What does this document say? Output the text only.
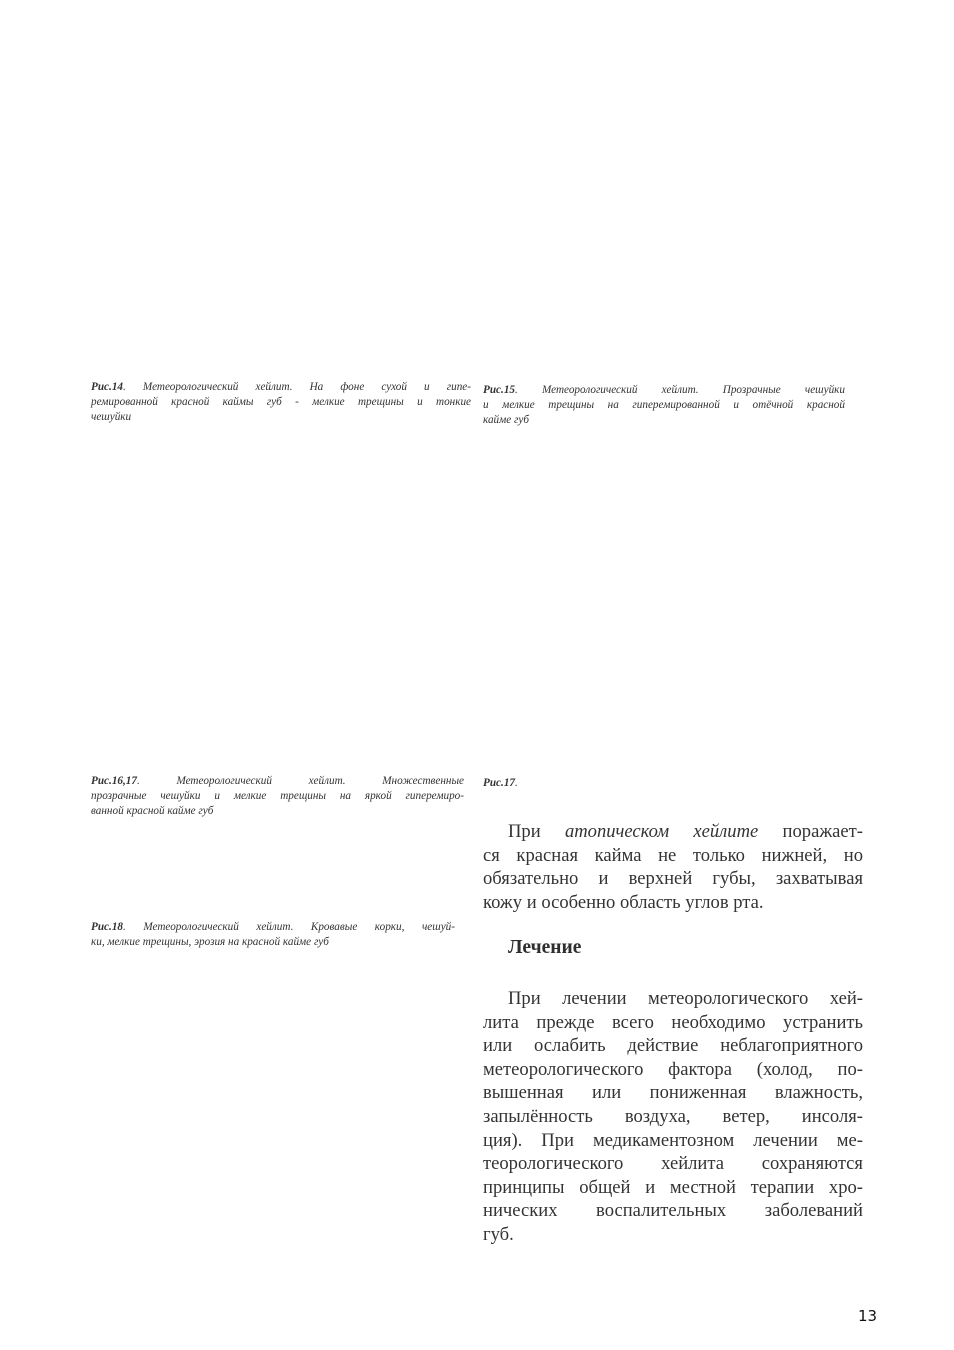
Рис.14. Метеорологический хейлит. На фоне сухой и гипе-
ремированной красной каймы губ - мелкие трещины и тонкие
чешуйки
Рис.15. Метеорологический хейлит. Прозрачные чешуйки
и мелкие трещины на гиперемированной и отёчной красной
кайме губ
Рис.16,17. Метеорологический хейлит. Множественные
прозрачные чешуйки и мелкие трещины на яркой гиперемиро-
ванной красной кайме губ
Рис.17.
Рис.18. Метеорологический хейлит. Кровавые корки, чешуй-
ки, мелкие трещины, эрозия на красной кайме губ
При атопическом хейлите поражает-
ся красная кайма не только нижней, но
обязательно и верхней губы, захватывая
кожу и особенно область углов рта.
Лечение
При лечении метеорологического хей-
лита прежде всего необходимо устранить
или ослабить действие неблагоприятного
метеорологического фактора (холод, по-
вышенная или пониженная влажность,
запылённость воздуха, ветер, инсоля-
ция). При медикаментозном лечении ме-
теорологического хейлита сохраняются
принципы общей и местной терапии хро-
нических воспалительных заболеваний
губ.
13
